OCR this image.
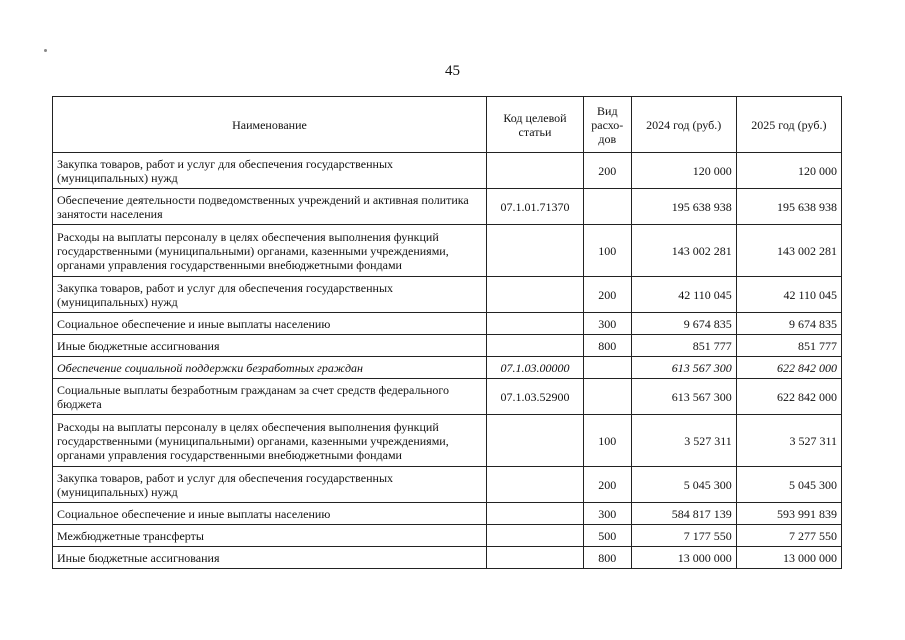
45
Наименование	Код целевой статьи	Вид расхо-дов	2024 год (руб.)	2025 год (руб.)
Закупка товаров, работ и услуг для обеспечения государственных (муниципальных) нужд		200	120 000	120 000
Обеспечение деятельности подведомственных учреждений и активная политика занятости населения	07.1.01.71370		195 638 938	195 638 938
Расходы на выплаты персоналу в целях обеспечения выполнения функций государственными (муниципальными) органами, казенными учреждениями, органами управления государственными внебюджетными фондами		100	143 002 281	143 002 281
Закупка товаров, работ и услуг для обеспечения государственных (муниципальных) нужд		200	42 110 045	42 110 045
Социальное обеспечение и иные выплаты населению		300	9 674 835	9 674 835
Иные бюджетные ассигнования		800	851 777	851 777
Обеспечение социальной поддержки безработных граждан	07.1.03.00000		613 567 300	622 842 000
Социальные выплаты безработным гражданам за счет средств федерального бюджета	07.1.03.52900		613 567 300	622 842 000
Расходы на выплаты персоналу в целях обеспечения выполнения функций государственными (муниципальными) органами, казенными учреждениями, органами управления государственными внебюджетными фондами		100	3 527 311	3 527 311
Закупка товаров, работ и услуг для обеспечения государственных (муниципальных) нужд		200	5 045 300	5 045 300
Социальное обеспечение и иные выплаты населению		300	584 817 139	593 991 839
Межбюджетные трансферты		500	7 177 550	7 277 550
Иные бюджетные ассигнования		800	13 000 000	13 000 000
